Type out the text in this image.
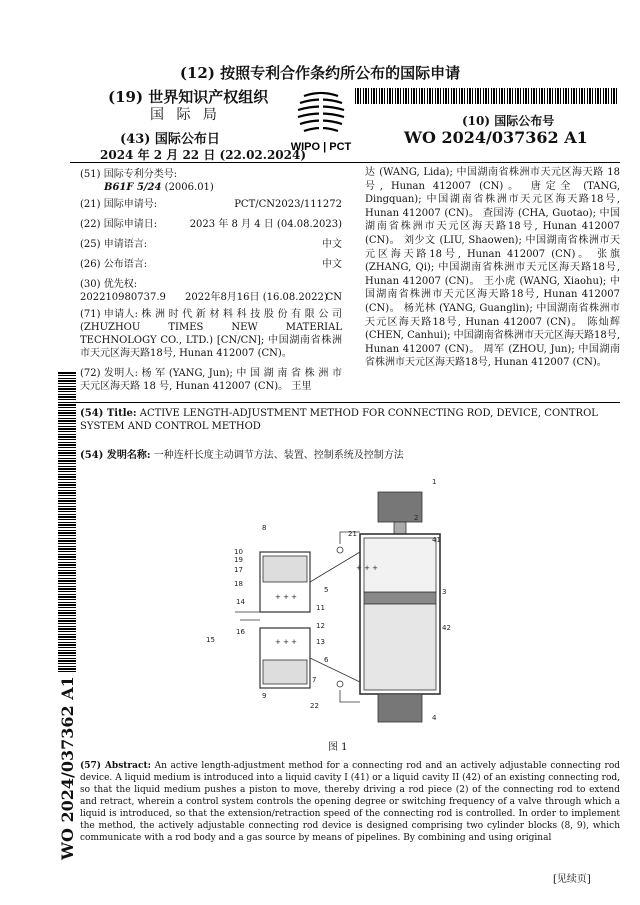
(12) 按照专利合作条约所公布的国际申请
(19) 世界知识产权组织
国 际 局
(43) 国际公布日
2024 年 2 月 22 日 (22.02.2024)
WIPO | PCT
(10) 国际公布号
WO 2024/037362 A1
(51) 国际专利分类号:
B61F 5/24 (2006.01)
(21) 国际申请号:	PCT/CN2023/111272
(22) 国际申请日:	2023 年 8 月 4 日 (04.08.2023)
(25) 申请语言:	中文
(26) 公布语言:	中文
(30) 优先权:
202210980737.9 2022年8月16日 (16.08.2022)
CN
(71) 申请人: 株 洲 时 代 新 材 料 科 技 股 份 有 限 公 司 (ZHUZHOU TIMES NEW MATERIAL TECHNOLOGY CO., LTD.) [CN/CN]; 中国湖南省株洲市天元区海天路18号, Hunan 412007 (CN)。
(72) 发明人: 杨 军 (YANG, Jun); 中 国 湖 南 省 株 洲 市 天元区海天路 18 号, Hunan 412007 (CN)。 王里
达 (WANG, Lida); 中国湖南省株洲市天元区海天路 18 号, Hunan 412007 (CN)。 唐定全 (TANG, Dingquan); 中国湖南省株洲市天元区海天路18号, Hunan 412007 (CN)。 查国涛 (CHA, Guotao); 中国湖南省株洲市天元区海天路18号, Hunan 412007 (CN)。 刘少文 (LIU, Shaowen); 中国湖南省株洲市天元区海天路18号, Hunan 412007 (CN)。 张旗 (ZHANG, Qi); 中国湖南省株洲市天元区海天路18号, Hunan 412007 (CN)。 王小虎 (WANG, Xiaohu); 中国湖南省株洲市天元区海天路18号, Hunan 412007 (CN)。 杨光林 (YANG, Guanglin); 中国湖南省株洲市天元区海天路18号, Hunan 412007 (CN)。 陈灿辉 (CHEN, Canhui); 中国湖南省株洲市天元区海天路18号, Hunan 412007 (CN)。 周军 (ZHOU, Jun); 中国湖南省株洲市天元区海天路18号, Hunan 412007 (CN)。
(54) Title: ACTIVE LENGTH-ADJUSTMENT METHOD FOR CONNECTING ROD, DEVICE, CONTROL SYSTEM AND CONTROL METHOD
(54) 发明名称: 一种连杆长度主动调节方法、装置、控制系统及控制方法
WO 2024/037362 A1
+ + +
+ + +
+ + +
1
2
21
41
3
42
4
5
6
7
8
9
10
11
12
13
14
15
16
17
18
19
22
图 1
(57) Abstract: An active length-adjustment method for a connecting rod and an actively adjustable connecting rod device. A liquid medium is introduced into a liquid cavity I (41) or a liquid cavity II (42) of an existing connecting rod, so that the liquid medium pushes a piston to move, thereby driving a rod piece (2) of the connecting rod to extend and retract, wherein a control system controls the opening degree or switching frequency of a valve through which a liquid is introduced, so that the extension/retraction speed of the connecting rod is controlled. In order to implement the method, the actively adjustable connecting rod device is designed comprising two cylinder blocks (8, 9), which communicate with a rod body and a gas source by means of pipelines. By combining and using original
[见续页]
